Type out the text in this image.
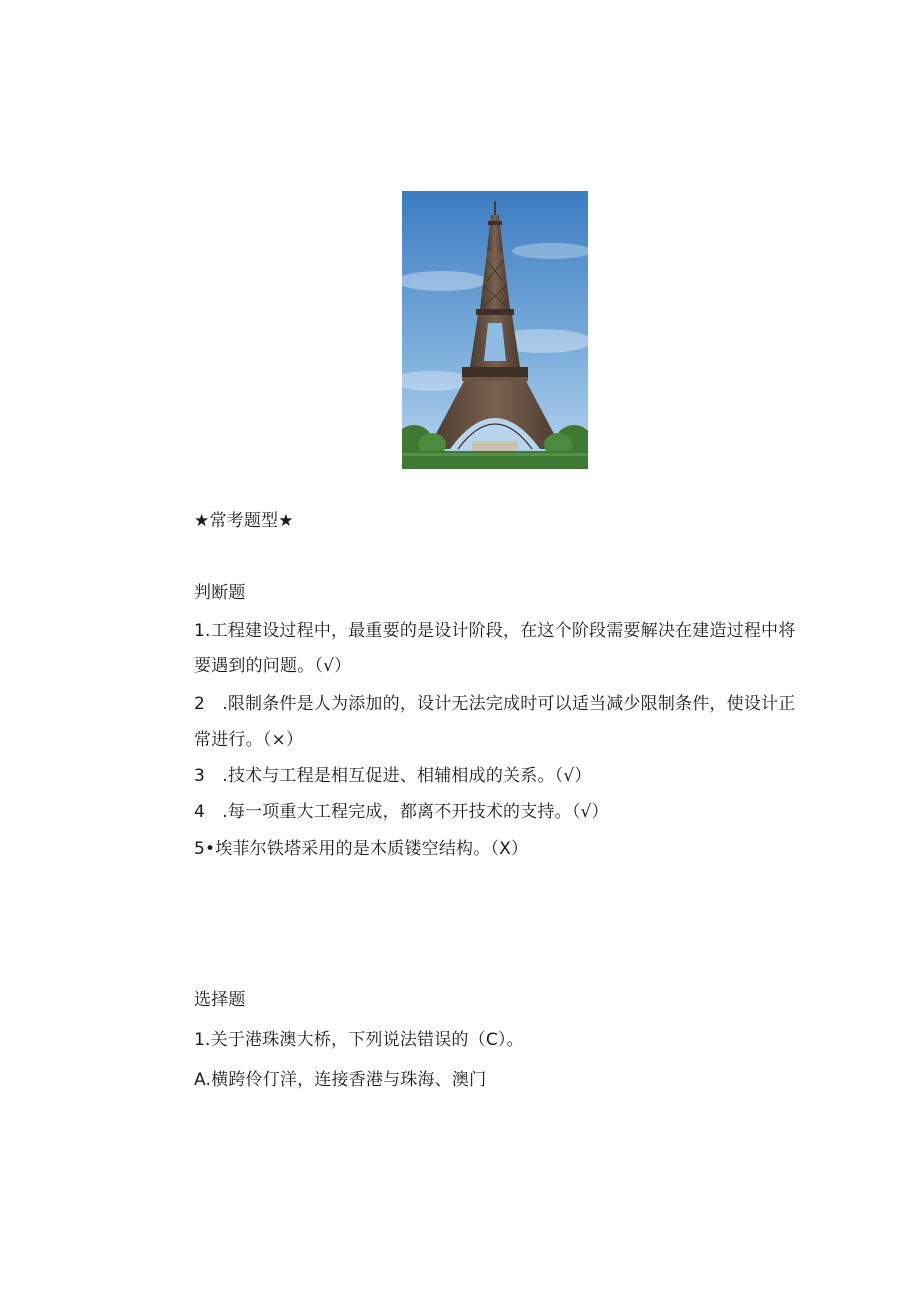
★常考题型★
判断题
1.工程建设过程中，最重要的是设计阶段，在这个阶段需要解决在建造过程中将
要遇到的问题。（√）
2　.限制条件是人为添加的，设计无法完成时可以适当减少限制条件，使设计正
常进行。（×）
3　.技术与工程是相互促进、相辅相成的关系。（√）
4　.每一项重大工程完成，都离不开技术的支持。（√）
5•埃菲尔铁塔采用的是木质镂空结构。（X）
选择题
1.关于港珠澳大桥，下列说法错误的（C）。
A.横跨伶仃洋，连接香港与珠海、澳门
